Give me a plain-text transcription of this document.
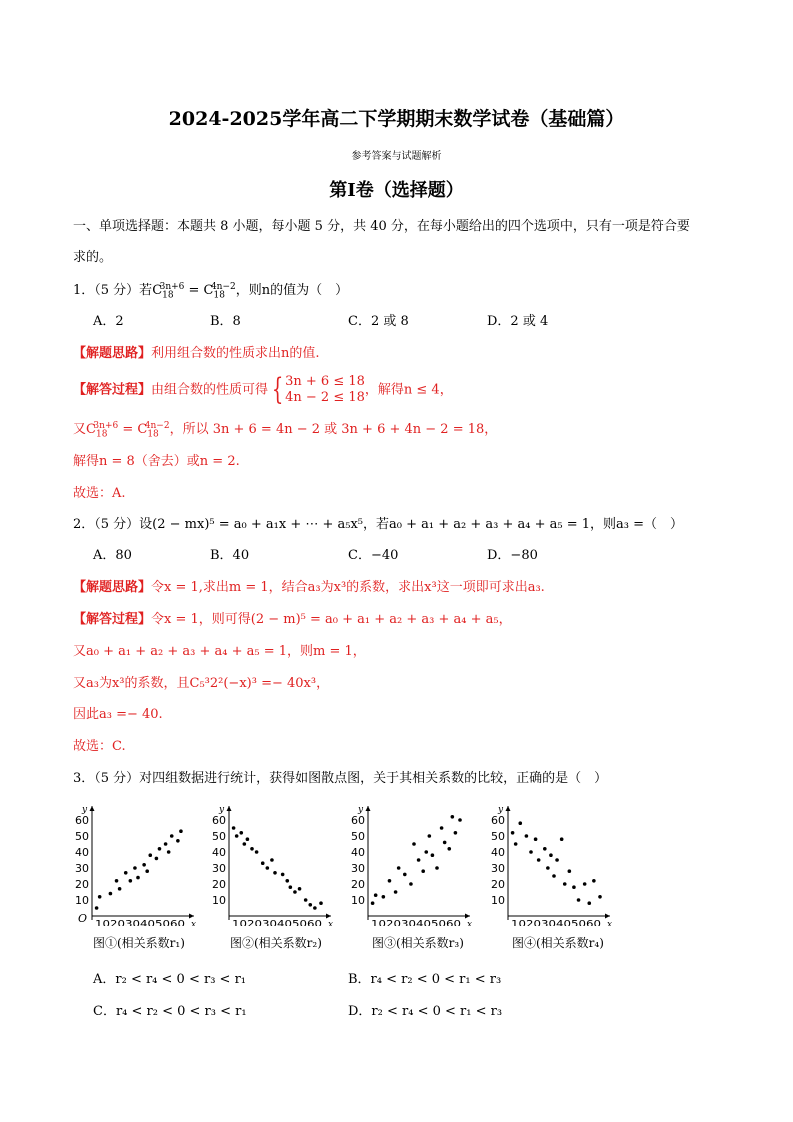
2024-2025学年高二下学期期末数学试卷（基础篇）
参考答案与试题解析
第Ⅰ卷（选择题）
一、单项选择题：本题共 8 小题，每小题 5 分，共 40 分，在每小题给出的四个选项中，只有一项是符合要
求的。
1．（5 分）若$C_{18}^{3n+6} = C_{18}^{4n-2}$，则n的值为（　）
A．2	B．8	C．2 或 8	D．2 或 4
【解题思路】利用组合数的性质求出n的值.
【解答过程】由组合数的性质可得 { 3n + 6 ≤ 18
4n − 2 ≤ 18 ，解得n ≤ 4，
又$C_{18}^{3n+6} = C_{18}^{4n-2}$，所以 3n + 6 = 4n − 2 或 3n + 6 + 4n − 2 = 18，
解得n = 8（舍去）或n = 2.
故选：A.
2．（5 分）设(2 − mx)⁵ = a₀ + a₁x + ⋯ + a₅x⁵，若a₀ + a₁ + a₂ + a₃ + a₄ + a₅ = 1，则a₃ =（　）
A．80	B．40	C．−40	D．−80
【解题思路】令x = 1,求出m = 1，结合a₃为x³的系数，求出x³这一项即可求出a₃.
【解答过程】令x = 1，则可得(2 − m)⁵ = a₀ + a₁ + a₂ + a₃ + a₄ + a₅，
又a₀ + a₁ + a₂ + a₃ + a₄ + a₅ = 1，则m = 1，
又a₃为x³的系数，且C₅³2²(−x)³ =− 40x³，
因此a₃ =− 40.
故选：C.
3．（5 分）对四组数据进行统计，获得如图散点图，关于其相关系数的比较，正确的是（　）
x
y
O
60
50
40
30
20
10
102030405060	x
y
60
50
40
30
20
10
102030405060	x
y
60
50
40
30
20
10
102030405060	x
y
60
50
40
30
20
10
102030405060
图①(相关系数r₁)	图②(相关系数r₂)	图③(相关系数r₃)	图④(相关系数r₄)
A．r₂ < r₄ < 0 < r₃ < r₁	B．r₄ < r₂ < 0 < r₁ < r₃
C．r₄ < r₂ < 0 < r₃ < r₁	D．r₂ < r₄ < 0 < r₁ < r₃
